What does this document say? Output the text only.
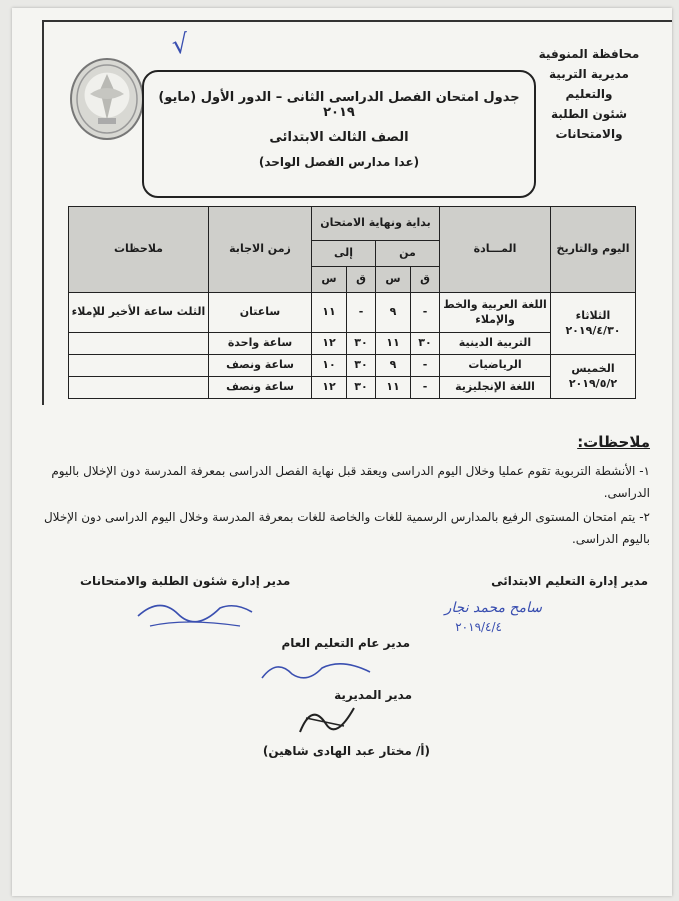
√	محافظة المنوفية
مديرية التربية والتعليم
شئون الطلبة والامتحانات
جدول امتحان الفصل الدراسى الثانى – الدور الأول (مايو) ٢٠١٩
الصف الثالث الابتدائى
(عدا مدارس الفصل الواحد)
اليوم والتاريخ	المـــادة	بداية ونهاية الامتحان				زمن الاجابة	ملاحظات
		من		إلى			
		ق	س	ق	س		

الثلاثاء
٢٠١٩/٤/٣٠	اللغة العربية والخط والإملاء	-	٩	-	١١	ساعتان	الثلث ساعة الأخير للإملاء
	التربية الدينية	٣٠	١١	٣٠	١٢	ساعة واحدة	

الخميس
٢٠١٩/٥/٢	الرياضيات	-	٩	٣٠	١٠	ساعة ونصف	
	اللغة الإنجليزية	-	١١	٣٠	١٢	ساعة ونصف	
ملاحظات:
١- الأنشطة التربوية تقوم عمليا وخلال اليوم الدراسى ويعقد قبل نهاية الفصل الدراسى بمعرفة المدرسة دون الإخلال باليوم الدراسى.
٢- يتم امتحان المستوى الرفيع بالمدارس الرسمية للغات والخاصة للغات بمعرفة المدرسة وخلال اليوم الدراسى دون الإخلال باليوم الدراسى.
مدير إدارة التعليم الابتدائى
مدير إدارة شئون الطلبة والامتحانات
سامح محمد نجار
٢٠١٩/٤/٤
مدير عام التعليم العام
مدير المديرية
(أ/ مختار عبد الهادى شاهين)
